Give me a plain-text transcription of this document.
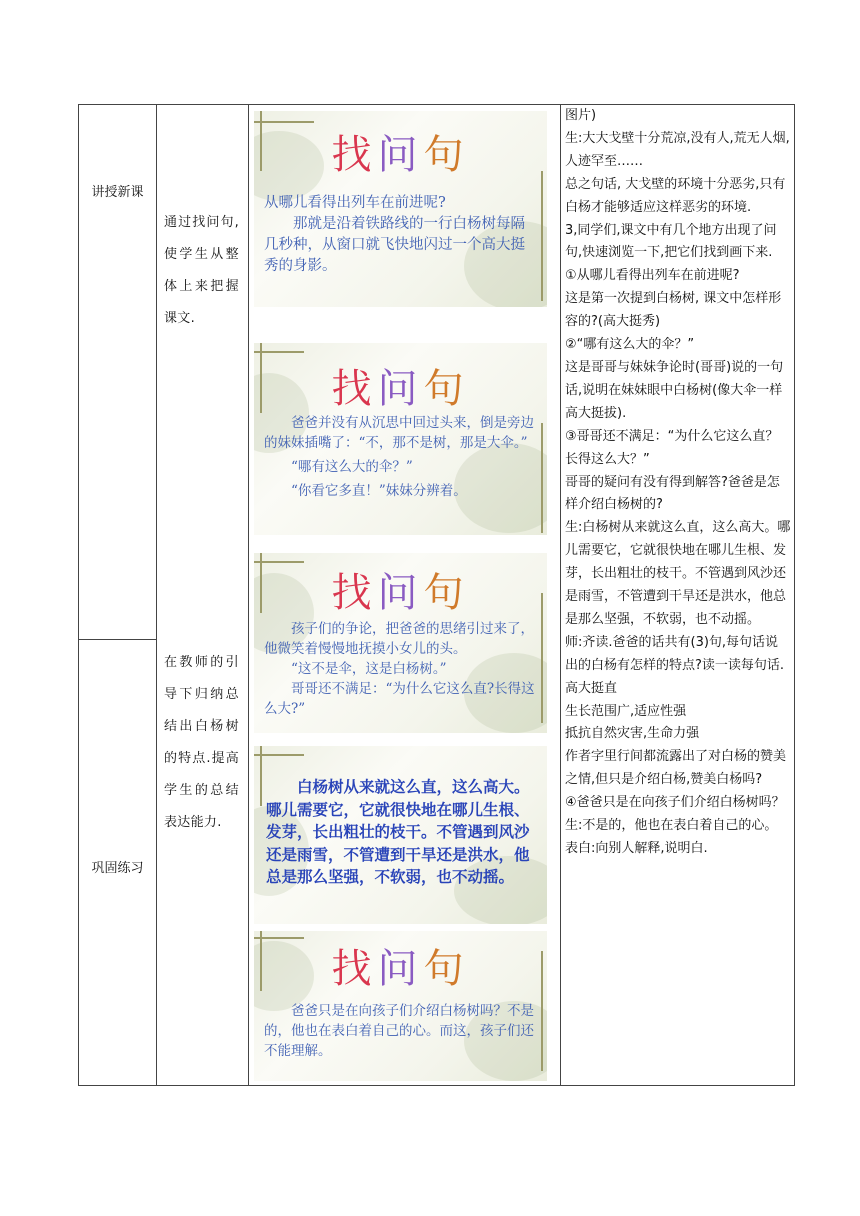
讲授新课
巩固练习
通过找问句,使学生从整体上来把握课文.
在教师的引导下归纳总结出白杨树的特点.提高学生的总结表达能力.

图片)

生:大大戈壁十分荒凉,没有人,荒无人烟,人迹罕至……

总之句话, 大戈壁的环境十分恶劣,只有白杨才能够适应这样恶劣的环境.

3,同学们,课文中有几个地方出现了问句,快速浏览一下,把它们找到画下来.

①从哪儿看得出列车在前进呢?

这是第一次提到白杨树, 课文中怎样形容的?(高大挺秀)

②“哪有这么大的伞？”

这是哥哥与妹妹争论时(哥哥)说的一句话,说明在妹妹眼中白杨树(像大伞一样高大挺拔).

③哥哥还不满足：“为什么它这么直？长得这么大？”

哥哥的疑问有没有得到解答?爸爸是怎样介绍白杨树的?

生:白杨树从来就这么直，这么高大。哪儿需要它，它就很快地在哪儿生根、发芽，长出粗壮的枝干。不管遇到风沙还是雨雪，不管遭到干旱还是洪水，他总是那么坚强，不软弱，也不动摇。

师:齐读.爸爸的话共有(3)句,每句话说出的白杨有怎样的特点?读一读每句话.

高大挺直

生长范围广,适应性强

抵抗自然灾害,生命力强

作者字里行间都流露出了对白杨的赞美之情,但只是介绍白杨,赞美白杨吗?

④爸爸只是在向孩子们介绍白杨树吗？

生:不是的，他也在表白着自己的心。

表白:向别人解释,说明白.

找问句

从哪儿看得出列车在前进呢?

那就是沿着铁路线的一行白杨树每隔几秒种，从窗口就飞快地闪过一个高大挺秀的身影。

找问句

爸爸并没有从沉思中回过头来，倒是旁边的妹妹插嘴了：“不，那不是树，那是大伞。”

“哪有这么大的伞？”

“你看它多直！”妹妹分辨着。

找问句

孩子们的争论，把爸爸的思绪引过来了，他微笑着慢慢地抚摸小女儿的头。

“这不是伞，这是白杨树。”

哥哥还不满足：“为什么它这么直?长得这么大?”

白杨树从来就这么直，这么高大。哪儿需要它，它就很快地在哪儿生根、发芽，长出粗壮的枝干。不管遇到风沙还是雨雪，不管遭到干旱还是洪水，他总是那么坚强，不软弱，也不动摇。

找问句

爸爸只是在向孩子们介绍白杨树吗？不是的，他也在表白着自己的心。而这，孩子们还不能理解。
